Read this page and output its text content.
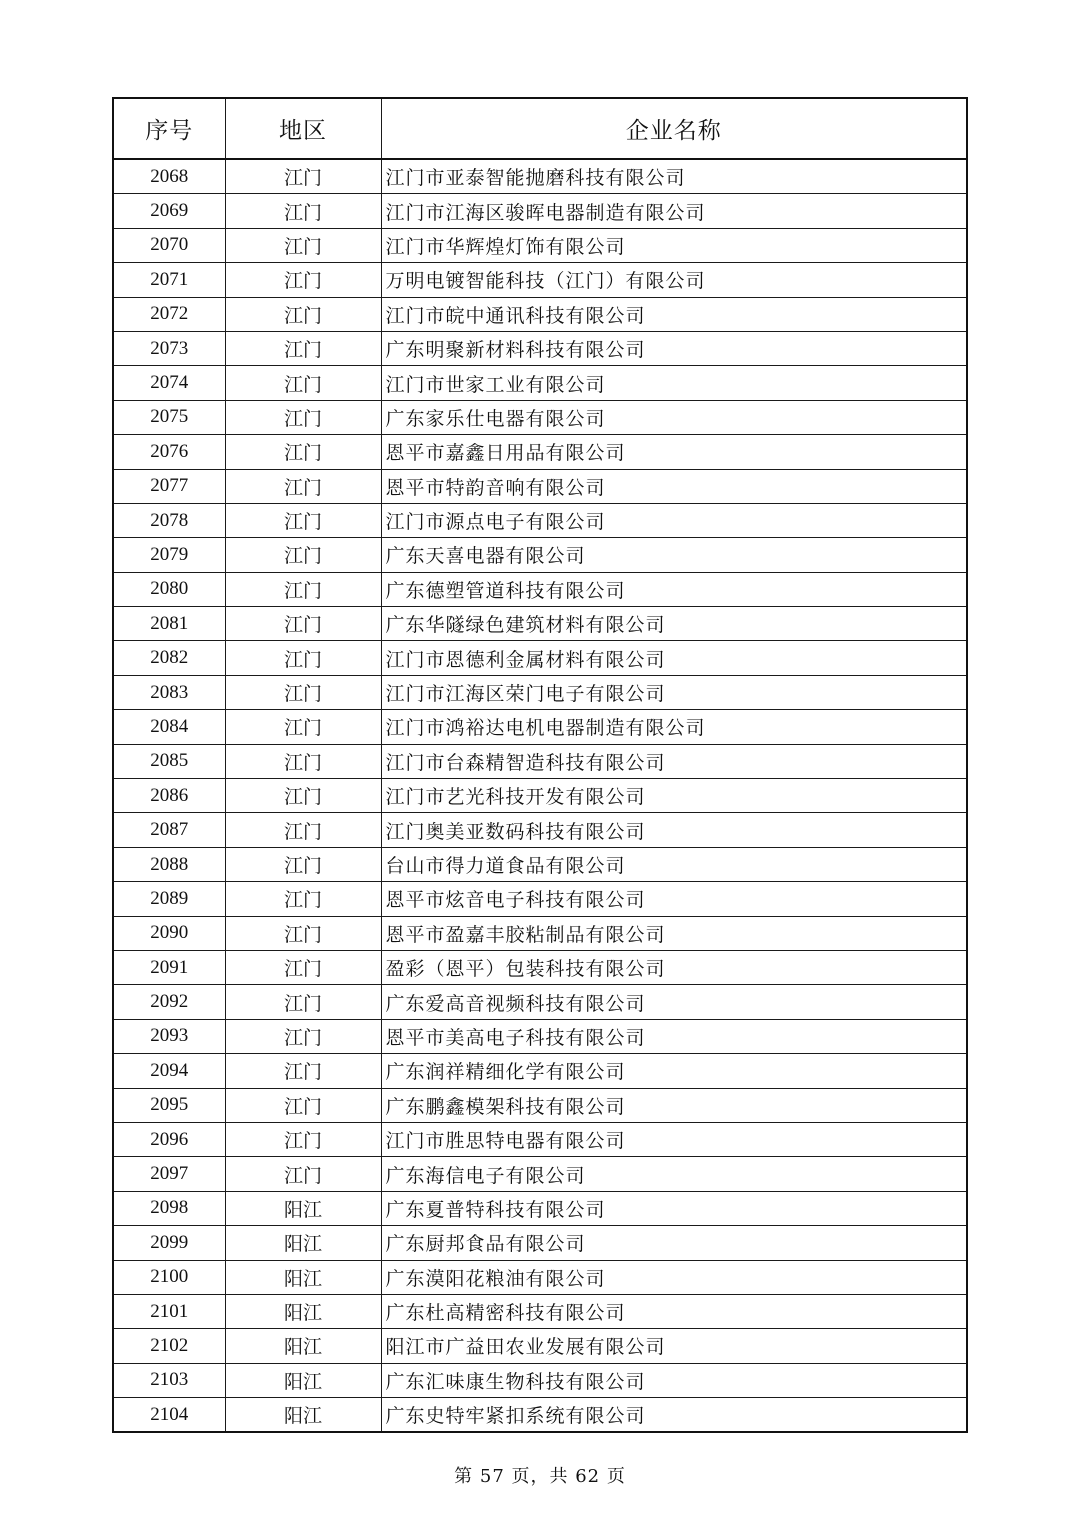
序号	地区	企业名称
2068	江门	江门市亚泰智能抛磨科技有限公司
2069	江门	江门市江海区骏晖电器制造有限公司
2070	江门	江门市华辉煌灯饰有限公司
2071	江门	万明电镀智能科技（江门）有限公司
2072	江门	江门市皖中通讯科技有限公司
2073	江门	广东明聚新材料科技有限公司
2074	江门	江门市世家工业有限公司
2075	江门	广东家乐仕电器有限公司
2076	江门	恩平市嘉鑫日用品有限公司
2077	江门	恩平市特韵音响有限公司
2078	江门	江门市源点电子有限公司
2079	江门	广东天喜电器有限公司
2080	江门	广东德塑管道科技有限公司
2081	江门	广东华隧绿色建筑材料有限公司
2082	江门	江门市恩德利金属材料有限公司
2083	江门	江门市江海区荣门电子有限公司
2084	江门	江门市鸿裕达电机电器制造有限公司
2085	江门	江门市台森精智造科技有限公司
2086	江门	江门市艺光科技开发有限公司
2087	江门	江门奥美亚数码科技有限公司
2088	江门	台山市得力道食品有限公司
2089	江门	恩平市炫音电子科技有限公司
2090	江门	恩平市盈嘉丰胶粘制品有限公司
2091	江门	盈彩（恩平）包装科技有限公司
2092	江门	广东爱高音视频科技有限公司
2093	江门	恩平市美高电子科技有限公司
2094	江门	广东润祥精细化学有限公司
2095	江门	广东鹏鑫模架科技有限公司
2096	江门	江门市胜思特电器有限公司
2097	江门	广东海信电子有限公司
2098	阳江	广东夏普特科技有限公司
2099	阳江	广东厨邦食品有限公司
2100	阳江	广东漠阳花粮油有限公司
2101	阳江	广东杜高精密科技有限公司
2102	阳江	阳江市广益田农业发展有限公司
2103	阳江	广东汇味康生物科技有限公司
2104	阳江	广东史特牢紧扣系统有限公司
第 57 页，共 62 页
